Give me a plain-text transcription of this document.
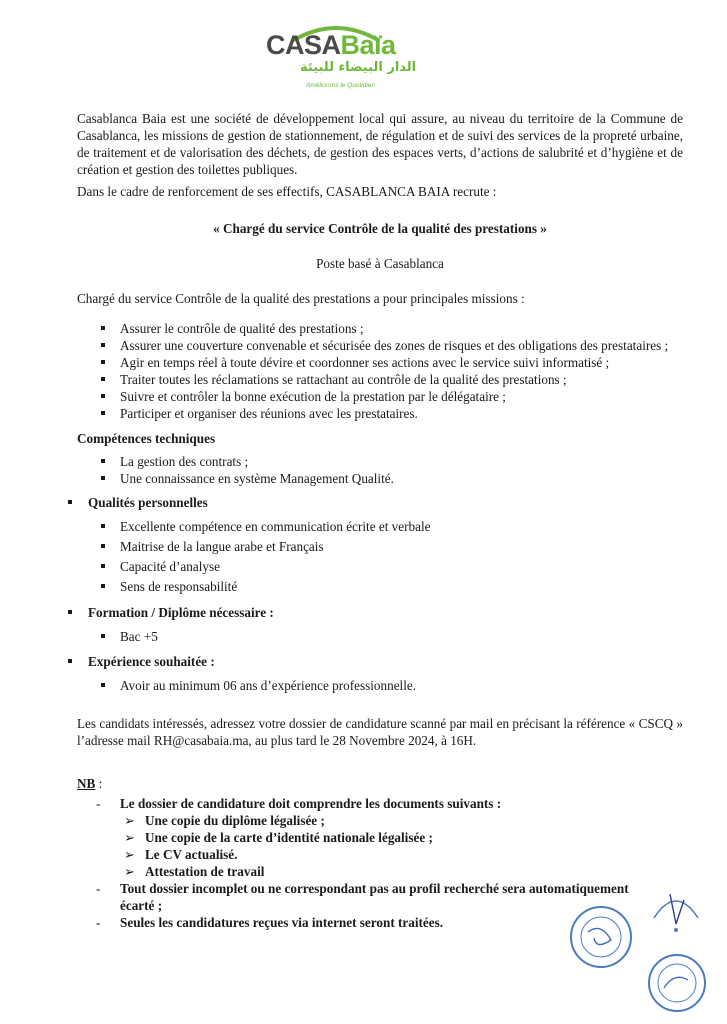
CASABaïa
الدار البيضاء للبيئة
Améliorons le Quotidien
Casablanca Baia est une société de développement local qui assure, au niveau du territoire de la Commune de Casablanca, les missions de gestion de stationnement, de régulation et de suivi des services de la propreté urbaine, de traitement et de valorisation des déchets, de gestion des espaces verts, d’actions de salubrité et d’hygiène et de création et gestion des toilettes publiques.
Dans le cadre de renforcement de ses effectifs, CASABLANCA BAIA recrute :
« Chargé du service Contrôle de la qualité des prestations »
Poste basé à Casablanca
Chargé du service Contrôle de la qualité des prestations a pour principales missions :
Assurer le contrôle de qualité des prestations ;
Assurer une couverture convenable et sécurisée des zones de risques et des obligations des prestataires ;
Agir en temps réel à toute dévire et coordonner ses actions avec le service suivi informatisé ;
Traiter toutes les réclamations se rattachant au contrôle de la qualité des prestations ;
Suivre et contrôler la bonne exécution de la prestation par le délégataire ;
Participer et organiser des réunions avec les prestataires.
Compétences techniques
La gestion des contrats ;
Une connaissance en système Management Qualité.
Qualités personnelles
Excellente compétence en communication écrite et verbale
Maitrise de la langue arabe et Français
Capacité d’analyse
Sens de responsabilité
Formation / Diplôme nécessaire :
Bac +5
Expérience souhaitée :
Avoir au minimum 06 ans d’expérience professionnelle.
Les candidats intéressés, adressez votre dossier de candidature scanné par mail en précisant la référence « CSCQ » l’adresse mail RH@casabaia.ma, au plus tard le 28 Novembre 2024, à 16H.
NB :
- Le dossier de candidature doit comprendre les documents suivants :
➢ Une copie du diplôme légalisée ;
➢ Une copie de la carte d’identité nationale légalisée ;
➢ Le CV actualisé.
➢ Attestation de travail
- Tout dossier incomplet ou ne correspondant pas au profil recherché sera automatiquement
écarté ;
- Seules les candidatures reçues via internet seront traitées.
